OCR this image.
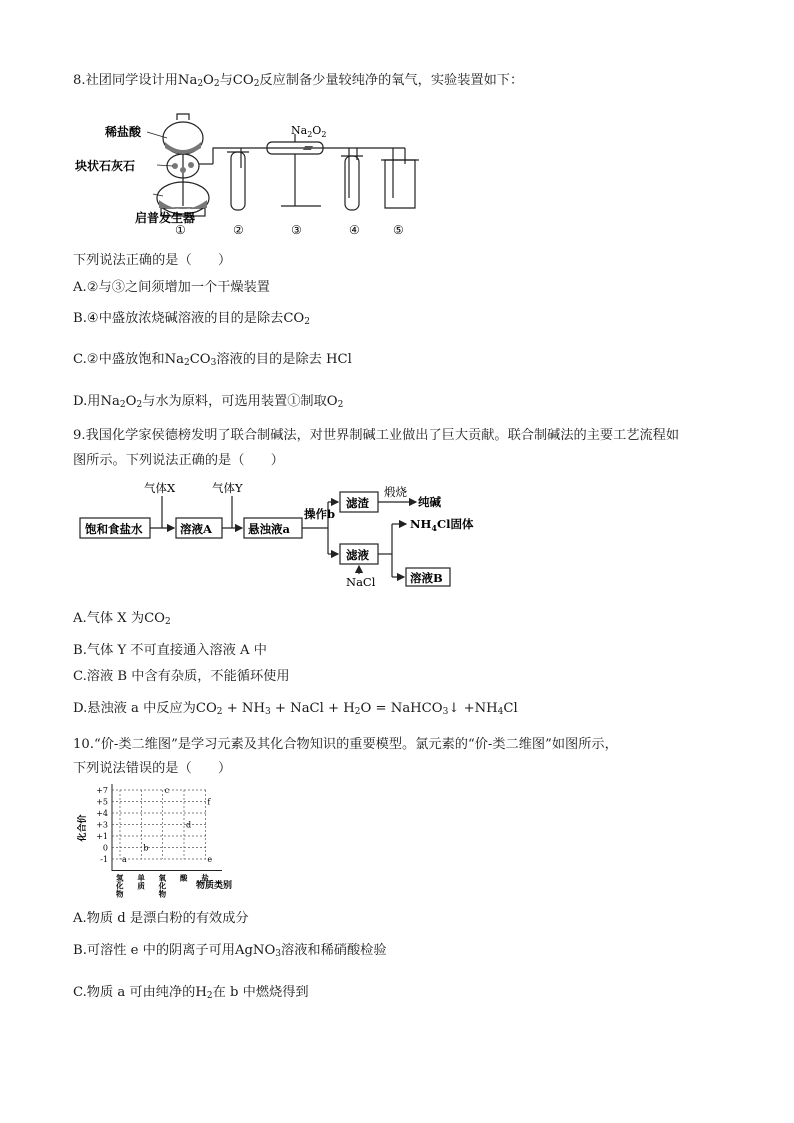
8.社团同学设计用$Na_2O_2$与$CO_2$反应制备少量较纯净的氧气，实验装置如下：
稀盐酸
块状石灰石
启普发生器
$Na_2O_2$
①	②	③	④	⑤
下列说法正确的是（　　）
A.②与③之间须增加一个干燥装置
B.④中盛放浓烧碱溶液的目的是除去$CO_2$
C.②中盛放饱和$Na_2CO_3$溶液的目的是除去 HCl
D.用$Na_2O_2$与水为原料，可选用装置①制取$O_2$
9.我国化学家侯德榜发明了联合制碱法，对世界制碱工业做出了巨大贡献。联合制碱法的主要工艺流程如
图所示。下列说法正确的是（　　）
饱和食盐水
气体X
溶液A
气体Y
悬浊液a
操作b
滤渣
煅烧
纯碱
滤液
$NH_4Cl$固体
NaCl	溶液B
A.气体 X 为$CO_2$
B.气体 Y 不可直接通入溶液 A 中
C.溶液 B 中含有杂质，不能循环使用
D.悬浊液 a 中反应为$CO_2 + NH_3$ + NaCl + $H_2O$ = NaHCO$_3$↓ $+NH_4Cl$
10.“价-类二维图”是学习元素及其化合物知识的重要模型。氯元素的“价-类二维图”如图所示，
下列说法错误的是（　　）
化合价
+7
+5
+4
+3
+1
0
-1
氢化物
单质
氧化物
酸 盐
a
b
c
d
e
f
物质类别
A.物质 d 是漂白粉的有效成分
B.可溶性 e 中的阴离子可用AgNO$_3$溶液和稀硝酸检验
C.物质 a 可由纯净的$H_2$在 b 中燃烧得到
